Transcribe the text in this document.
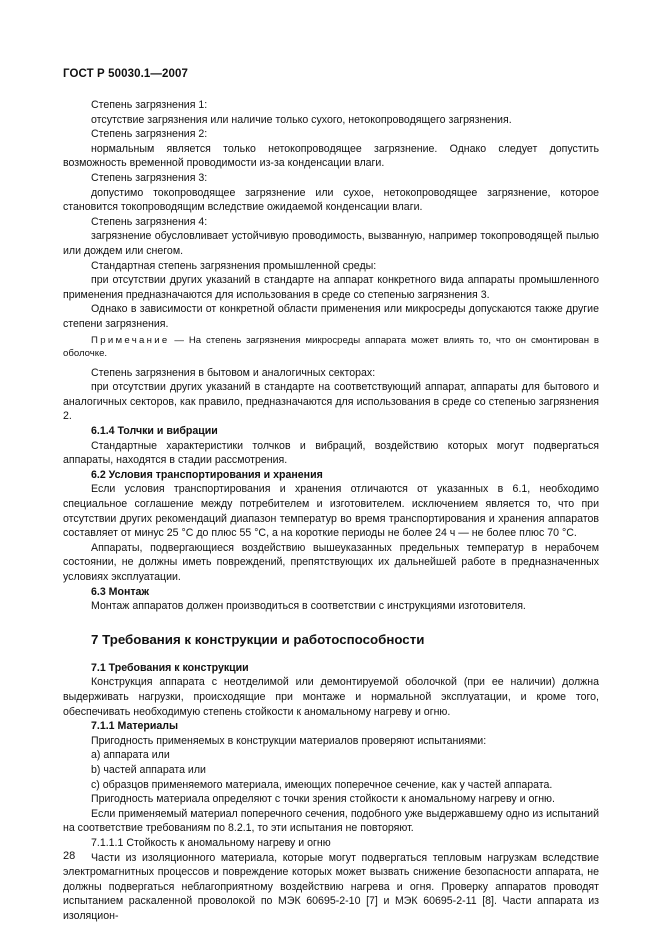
ГОСТ Р 50030.1—2007

Степень загрязнения 1:

отсутствие загрязнения или наличие только сухого, нетокопроводящего загрязнения.

Степень загрязнения 2:

нормальным является только нетокопроводящее загрязнение. Однако следует допустить возможность временной проводимости из-за конденсации влаги.

Степень загрязнения 3:

допустимо токопроводящее загрязнение или сухое, нетокопроводящее загрязнение, которое становится токопроводящим вследствие ожидаемой конденсации влаги.

Степень загрязнения 4:

загрязнение обусловливает устойчивую проводимость, вызванную, например токопроводящей пылью или дождем или снегом.

Стандартная степень загрязнения промышленной среды:

при отсутствии других указаний в стандарте на аппарат конкретного вида аппараты промышленного применения предназначаются для использования в среде со степенью загрязнения 3.

Однако в зависимости от конкретной области применения или микросреды допускаются также другие степени загрязнения.

Примечание — На степень загрязнения микросреды аппарата может влиять то, что он смонтирован в оболочке.

Степень загрязнения в бытовом и аналогичных секторах:

при отсутствии других указаний в стандарте на соответствующий аппарат, аппараты для бытового и аналогичных секторов, как правило, предназначаются для использования в среде со степенью загрязнения 2.

6.1.4 Толчки и вибрации

Стандартные характеристики толчков и вибраций, воздействию которых могут подвергаться аппараты, находятся в стадии рассмотрения.

6.2 Условия транспортирования и хранения

Если условия транспортирования и хранения отличаются от указанных в 6.1, необходимо специальное соглашение между потребителем и изготовителем. исключением является то, что при отсутствии других рекомендаций диапазон температур во время транспортирования и хранения аппаратов составляет от минус 25 °С до плюс 55 °С, а на короткие периоды не более 24 ч — не более плюс 70 °С.

Аппараты, подвергающиеся воздействию вышеуказанных предельных температур в нерабочем состоянии, не должны иметь повреждений, препятствующих их дальнейшей работе в предназначенных условиях эксплуатации.

6.3 Монтаж

Монтаж аппаратов должен производиться в соответствии с инструкциями изготовителя.

7 Требования к конструкции и работоспособности

7.1 Требования к конструкции

Конструкция аппарата с неотделимой или демонтируемой оболочкой (при ее наличии) должна выдерживать нагрузки, происходящие при монтаже и нормальной эксплуатации, и кроме того, обеспечивать необходимую степень стойкости к аномальному нагреву и огню.

7.1.1 Материалы

Пригодность применяемых в конструкции материалов проверяют испытаниями:

а) аппарата или

b) частей аппарата или

с) образцов применяемого материала, имеющих поперечное сечение, как у частей аппарата.

Пригодность материала определяют с точки зрения стойкости к аномальному нагреву и огню.

Если применяемый материал поперечного сечения, подобного уже выдержавшему одно из испытаний на соответствие требованиям по 8.2.1, то эти испытания не повторяют.

7.1.1.1 Стойкость к аномальному нагреву и огню

Части из изоляционного материала, которые могут подвергаться тепловым нагрузкам вследствие электромагнитных процессов и повреждение которых может вызвать снижение безопасности аппарата, не должны подвергаться неблагоприятному воздействию нагрева и огня. Проверку аппаратов проводят испытанием раскаленной проволокой по МЭК 60695-2-10 [7] и МЭК 60695-2-11 [8]. Части аппарата из изоляцион-

28
